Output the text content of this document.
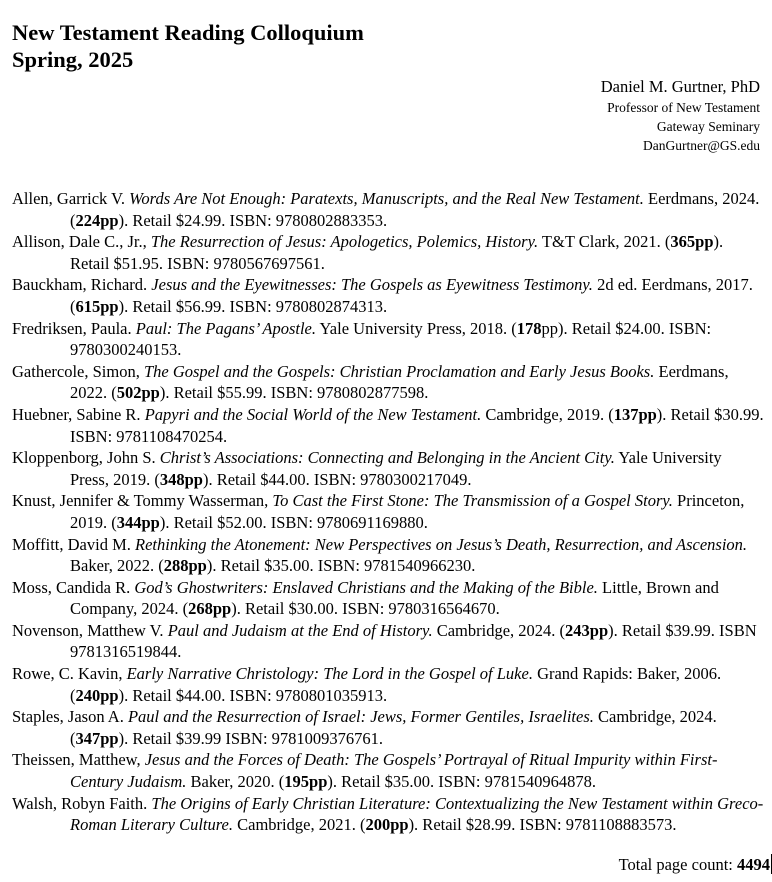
New Testament Reading Colloquium
Spring, 2025
Daniel M. Gurtner, PhD
Professor of New Testament
Gateway Seminary
DanGurtner@GS.edu

Allen, Garrick V. Words Are Not Enough: Paratexts, Manuscripts, and the Real New Testament. Eerdmans, 2024. (224pp). Retail $24.99. ISBN: 9780802883353.

Allison, Dale C., Jr., The Resurrection of Jesus: Apologetics, Polemics, History. T&T Clark, 2021. (365pp). Retail $51.95. ISBN: 9780567697561.

Bauckham, Richard. Jesus and the Eyewitnesses: The Gospels as Eyewitness Testimony. 2d ed. Eerdmans, 2017. (615pp). Retail $56.99. ISBN: 9780802874313.

Fredriksen, Paula. Paul: The Pagans’ Apostle. Yale University Press, 2018. (178pp). Retail $24.00. ISBN: 9780300240153.

Gathercole, Simon, The Gospel and the Gospels: Christian Proclamation and Early Jesus Books. Eerdmans, 2022. (502pp). Retail $55.99. ISBN: 9780802877598.

Huebner, Sabine R. Papyri and the Social World of the New Testament. Cambridge, 2019. (137pp). Retail $30.99. ISBN: 9781108470254.

Kloppenborg, John S. Christ’s Associations: Connecting and Belonging in the Ancient City. Yale University Press, 2019. (348pp). Retail $44.00. ISBN: 9780300217049.

Knust, Jennifer & Tommy Wasserman, To Cast the First Stone: The Transmission of a Gospel Story. Princeton, 2019. (344pp). Retail $52.00. ISBN: 9780691169880.

Moffitt, David M. Rethinking the Atonement: New Perspectives on Jesus’s Death, Resurrection, and Ascension. Baker, 2022. (288pp). Retail $35.00. ISBN: 9781540966230.

Moss, Candida R. God’s Ghostwriters: Enslaved Christians and the Making of the Bible. Little, Brown and Company, 2024. (268pp). Retail $30.00. ISBN: 9780316564670.

Novenson, Matthew V. Paul and Judaism at the End of History. Cambridge, 2024. (243pp). Retail $39.99. ISBN 9781316519844.

Rowe, C. Kavin, Early Narrative Christology: The Lord in the Gospel of Luke. Grand Rapids: Baker, 2006. (240pp). Retail $44.00. ISBN: 9780801035913.

Staples, Jason A. Paul and the Resurrection of Israel: Jews, Former Gentiles, Israelites. Cambridge, 2024. (347pp). Retail $39.99 ISBN: 9781009376761.

Theissen, Matthew, Jesus and the Forces of Death: The Gospels’ Portrayal of Ritual Impurity within First-Century Judaism. Baker, 2020. (195pp). Retail $35.00. ISBN: 9781540964878.

Walsh, Robyn Faith. The Origins of Early Christian Literature: Contextualizing the New Testament within Greco-Roman Literary Culture. Cambridge, 2021. (200pp). Retail $28.99. ISBN: 9781108883573.

Total page count: 4494
